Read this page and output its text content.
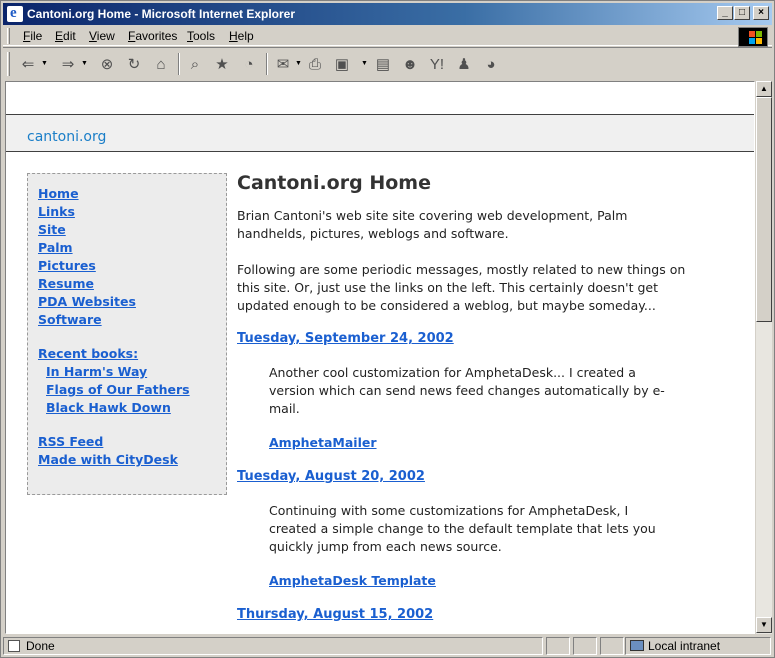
e
Cantoni.org Home - Microsoft Internet Explorer	_	□	×
File Edit View Favorites Tools Help
⇐ ▼ ⇒ ▼ ⊗ ↻	⌂	⌕	★	◔	✉ ▼ ⎙ ▣	▼ ▤ ☻ Y! ♟	◕
cantoni.org
Home
Links
Site
Palm
Pictures
Resume
PDA Websites
Software
Recent books:
In Harm's Way
Flags of Our Fathers
Black Hawk Down
RSS Feed
Made with CityDesk
Cantoni.org Home
Brian Cantoni's web site site covering web development, Palm handhelds, pictures, weblogs and software.
Following are some periodic messages, mostly related to new things on this site. Or, just use the links on the left. This certainly doesn't get updated enough to be considered a weblog, but maybe someday...
Tuesday, September 24, 2002
Another cool customization for AmphetaDesk... I created a version which can send news feed changes automatically by e-mail.
AmphetaMailer
Tuesday, August 20, 2002
Continuing with some customizations for AmphetaDesk, I created a simple change to the default template that lets you quickly jump from each news source.
AmphetaDesk Template
Thursday, August 15, 2002
▲
▼
Done	Local intranet
